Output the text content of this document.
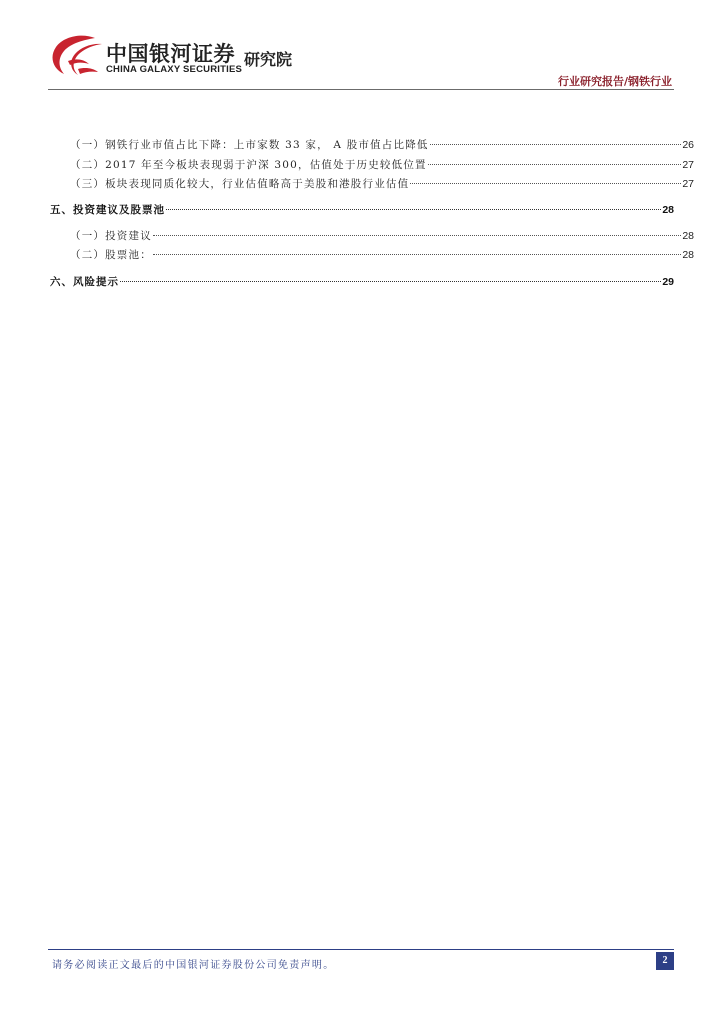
中国银河证券
CHINA GALAXY SECURITIES
研究院
行业研究报告/钢铁行业
（一）钢铁行业市值占比下降：上市家数 33 家， A 股市值占比降低	26
（二）2017 年至今板块表现弱于沪深 300，估值处于历史较低位置	27
（三）板块表现同质化较大，行业估值略高于美股和港股行业估值	27
五、投资建议及股票池	28
（一）投资建议	28
（二）股票池：	28
六、风险提示	29
请务必阅读正文最后的中国银河证券股份公司免责声明。	2
